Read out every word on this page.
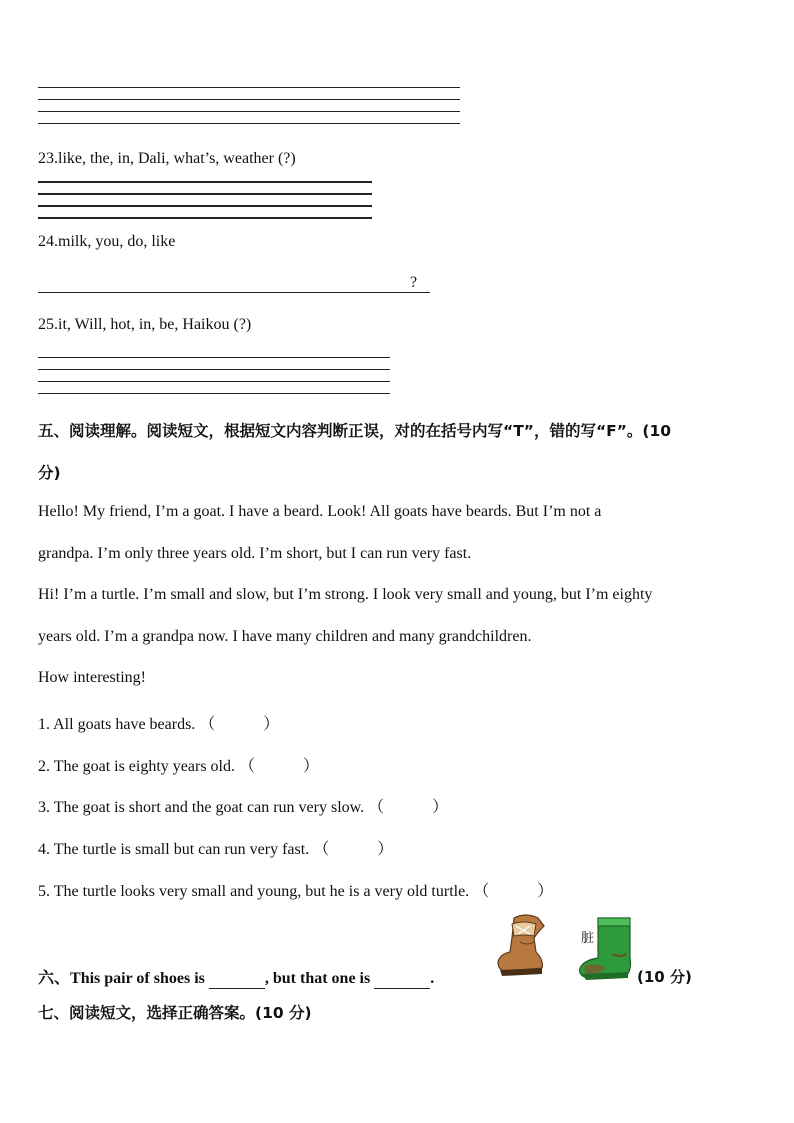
23.like, the, in, Dali, what’s, weather (?)
24.milk, you, do, like
?
25.it, Will, hot, in, be, Haikou (?)
五、阅读理解。阅读短文，根据短文内容判断正误，对的在括号内写“T”，错的写“F”。(10
分)
Hello! My friend, I’m a goat. I have a beard. Look! All goats have beards. But I’m not a
grandpa. I’m only three years old. I’m short, but I can run very fast.
Hi! I’m a turtle. I’m small and slow, but I’m strong. I look very small and young, but I’m eighty
years old. I’m a grandpa now. I have many children and many grandchildren.
How interesting!
1. All goats have beards. （　　　）
2. The goat is eighty years old. （　　　）
3. The goat is short and the goat can run very slow. （　　　）
4. The turtle is small but can run very fast. （　　　）
5. The turtle looks very small and young, but he is a very old turtle. （　　　）
六、This pair of shoes is	, but that one is	.
脏
(10 分)
七、阅读短文，选择正确答案。(10 分)
